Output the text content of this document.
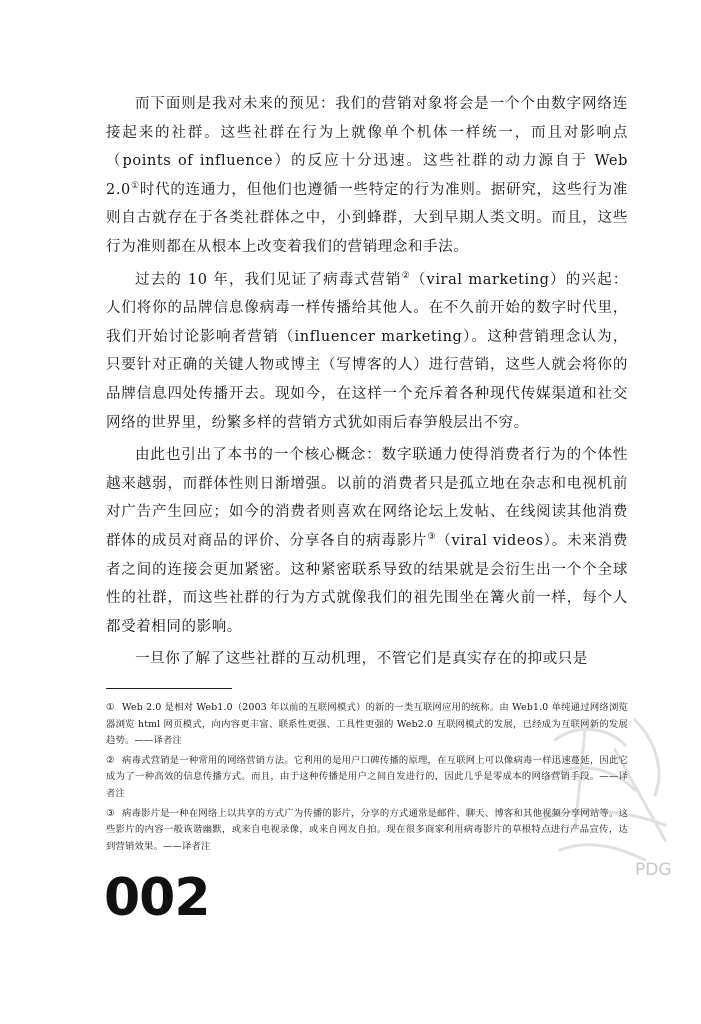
而下面则是我对未来的预见：我们的营销对象将会是一个个由数字网络连接起来的社群。这些社群在行为上就像单个机体一样统一，而且对影响点（points of influence）的反应十分迅速。这些社群的动力源自于 Web 2.0①时代的连通力，但他们也遵循一些特定的行为准则。据研究，这些行为准则自古就存在于各类社群体之中，小到蜂群，大到早期人类文明。而且，这些行为准则都在从根本上改变着我们的营销理念和手法。

过去的 10 年，我们见证了病毒式营销②（viral marketing）的兴起：人们将你的品牌信息像病毒一样传播给其他人。在不久前开始的数字时代里，我们开始讨论影响者营销（influencer marketing）。这种营销理念认为，只要针对正确的关键人物或博主（写博客的人）进行营销，这些人就会将你的品牌信息四处传播开去。现如今，在这样一个充斥着各种现代传媒渠道和社交网络的世界里，纷繁多样的营销方式犹如雨后春笋般层出不穷。

由此也引出了本书的一个核心概念：数字联通力使得消费者行为的个体性越来越弱，而群体性则日渐增强。以前的消费者只是孤立地在杂志和电视机前对广告产生回应；如今的消费者则喜欢在网络论坛上发帖、在线阅读其他消费群体的成员对商品的评价、分享各自的病毒影片③（viral videos）。未来消费者之间的连接会更加紧密。这种紧密联系导致的结果就是会衍生出一个个全球性的社群，而这些社群的行为方式就像我们的祖先围坐在篝火前一样，每个人都受着相同的影响。

一旦你了解了这些社群的互动机理，不管它们是真实存在的抑或只是

① Web 2.0 是相对 Web1.0（2003 年以前的互联网模式）的新的一类互联网应用的统称。由 Web1.0 单纯通过网络浏览器浏览 html 网页模式，向内容更丰富、联系性更强、工具性更强的 Web2.0 互联网模式的发展，已经成为互联网新的发展趋势。——译者注

② 病毒式营销是一种常用的网络营销方法。它利用的是用户口碑传播的原理，在互联网上可以像病毒一样迅速蔓延，因此它成为了一种高效的信息传播方式。而且，由于这种传播是用户之间自发进行的，因此几乎是零成本的网络营销手段。——译者注

③ 病毒影片是一种在网络上以共享的方式广为传播的影片，分享的方式通常是邮件、聊天、博客和其他视频分享网站等。这些影片的内容一般诙谐幽默，或来自电视录像，或来自网友自拍。现在很多商家利用病毒影片的草根特点进行产品宣传，达到营销效果。——译者注

002	PDG
